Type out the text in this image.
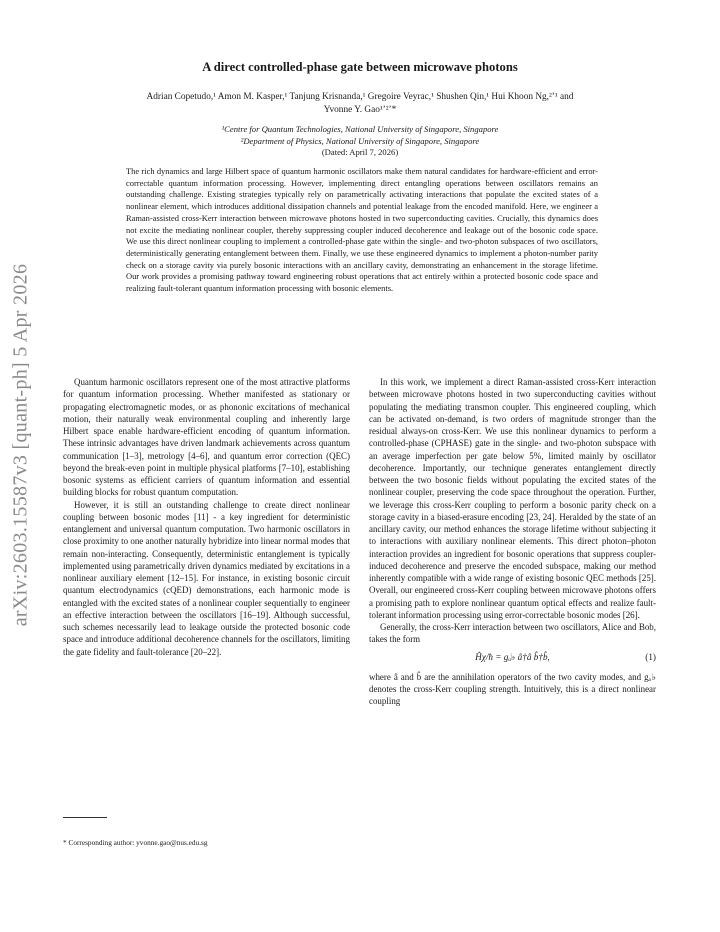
arXiv:2603.15587v3 [quant-ph] 5 Apr 2026
A direct controlled-phase gate between microwave photons
Adrian Copetudo,¹ Amon M. Kasper,¹ Tanjung Krisnanda,¹ Gregoire Veyrac,¹ Shushen Qin,¹ Hui Khoon Ng,²ʼ¹ and Yvonne Y. Gao¹ʼ²ʼ*
¹Centre for Quantum Technologies, National University of Singapore, Singapore
²Department of Physics, National University of Singapore, Singapore
(Dated: April 7, 2026)
The rich dynamics and large Hilbert space of quantum harmonic oscillators make them natural candidates for hardware-efficient and error-correctable quantum information processing. However, implementing direct entangling operations between oscillators remains an outstanding challenge. Existing strategies typically rely on parametrically activating interactions that populate the excited states of a nonlinear element, which introduces additional dissipation channels and potential leakage from the encoded manifold. Here, we engineer a Raman-assisted cross-Kerr interaction between microwave photons hosted in two superconducting cavities. Crucially, this dynamics does not excite the mediating nonlinear coupler, thereby suppressing coupler induced decoherence and leakage out of the bosonic code space. We use this direct nonlinear coupling to implement a controlled-phase gate within the single- and two-photon subspaces of two oscillators, deterministically generating entanglement between them. Finally, we use these engineered dynamics to implement a photon-number parity check on a storage cavity via purely bosonic interactions with an ancillary cavity, demonstrating an enhancement in the storage lifetime. Our work provides a promising pathway toward engineering robust operations that act entirely within a protected bosonic code space and realizing fault-tolerant quantum information processing with bosonic elements.

Quantum harmonic oscillators represent one of the most attractive platforms for quantum information processing. Whether manifested as stationary or propagating electromagnetic modes, or as phononic excitations of mechanical motion, their naturally weak environmental coupling and inherently large Hilbert space enable hardware-efficient encoding of quantum information. These intrinsic advantages have driven landmark achievements across quantum communication [1–3], metrology [4–6], and quantum error correction (QEC) beyond the break-even point in multiple physical platforms [7–10], establishing bosonic systems as efficient carriers of quantum information and essential building blocks for robust quantum computation.

However, it is still an outstanding challenge to create direct nonlinear coupling between bosonic modes [11] - a key ingredient for deterministic entanglement and universal quantum computation. Two harmonic oscillators in close proximity to one another naturally hybridize into linear normal modes that remain non-interacting. Consequently, deterministic entanglement is typically implemented using parametrically driven dynamics mediated by excitations in a nonlinear auxiliary element [12–15]. For instance, in existing bosonic circuit quantum electrodynamics (cQED) demonstrations, each harmonic mode is entangled with the excited states of a nonlinear coupler sequentially to engineer an effective interaction between the oscillators [16–19]. Although successful, such schemes necessarily lead to leakage outside the protected bosonic code space and introduce additional decoherence channels for the oscillators, limiting the gate fidelity and fault-tolerance [20–22].

In this work, we implement a direct Raman-assisted cross-Kerr interaction between microwave photons hosted in two superconducting cavities without populating the mediating transmon coupler. This engineered coupling, which can be activated on-demand, is two orders of magnitude stronger than the residual always-on cross-Kerr. We use this nonlinear dynamics to perform a controlled-phase (CPHASE) gate in the single- and two-photon subspace with an average imperfection per gate below 5%, limited mainly by oscillator decoherence. Importantly, our technique generates entanglement directly between the two bosonic fields without populating the excited states of the nonlinear coupler, preserving the code space throughout the operation. Further, we leverage this cross-Kerr coupling to perform a bosonic parity check on a storage cavity in a biased-erasure encoding [23, 24]. Heralded by the state of an ancillary cavity, our method enhances the storage lifetime without subjecting it to interactions with auxiliary nonlinear elements. This direct photon–photon interaction provides an ingredient for bosonic operations that suppress coupler-induced decoherence and preserve the encoded subspace, making our method inherently compatible with a wide range of existing bosonic QEC methods [25]. Overall, our engineered cross-Kerr coupling between microwave photons offers a promising path to explore nonlinear quantum optical effects and realize fault-tolerant information processing using error-correctable bosonic modes [26].

Generally, the cross-Kerr interaction between two oscillators, Alice and Bob, takes the form

Ĥχ/ħ = gₐ♭ â†â b̂†b̂,	(1)

where â and b̂ are the annihilation operators of the two cavity modes, and gₐ♭ denotes the cross-Kerr coupling strength. Intuitively, this is a direct nonlinear coupling

* Corresponding author: yvonne.gao@nus.edu.sg
